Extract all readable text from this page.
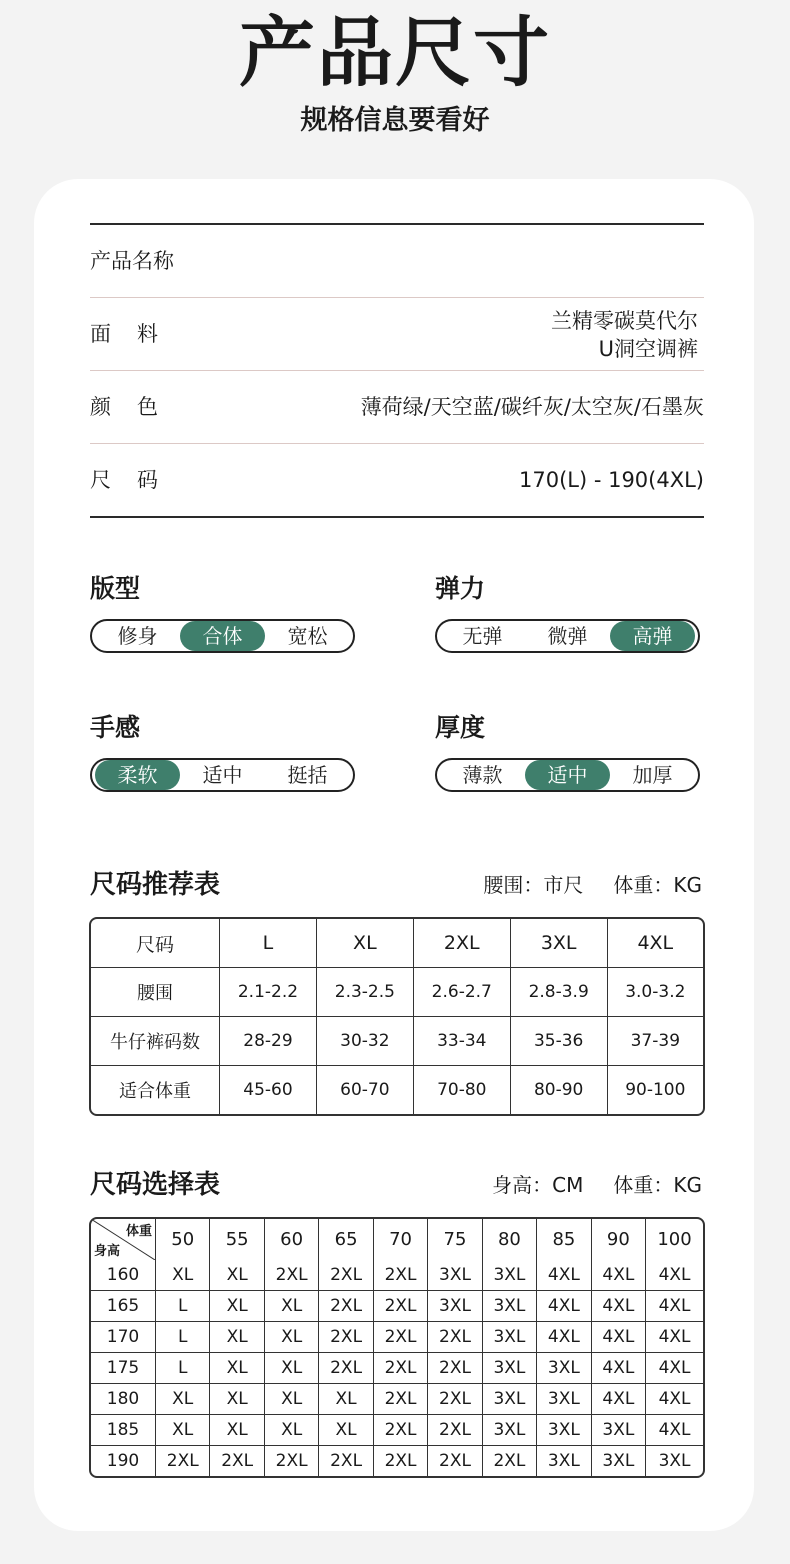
产品尺寸
规格信息要看好
产品名称
面料
兰精零碳莫代尔
U洞空调裤
颜色	薄荷绿/天空蓝/碳纤灰/太空灰/石墨灰
尺码	170(L) - 190(4XL)
版型
修身	合体	宽松
弹力
无弹	微弹	高弹
手感
柔软	适中	挺括
厚度
薄款	适中	加厚
尺码推荐表	腰围：市尺 体重：KG
尺码	L	XL	2XL	3XL	4XL
腰围	2.1-2.2	2.3-2.5	2.6-2.7	2.8-3.9	3.0-3.2
牛仔裤码数	28-29	30-32	33-34	35-36	37-39
适合体重	45-60	60-70	70-80	80-90	90-100
尺码选择表	身高：CM 体重：KG
体重
身高	50	55	60	65	70	75	80	85	90	100
160	XL	XL	2XL	2XL	2XL	3XL	3XL	4XL	4XL	4XL
165	L	XL	XL	2XL	2XL	3XL	3XL	4XL	4XL	4XL
170	L	XL	XL	2XL	2XL	2XL	3XL	4XL	4XL	4XL
175	L	XL	XL	2XL	2XL	2XL	3XL	3XL	4XL	4XL
180	XL	XL	XL	XL	2XL	2XL	3XL	3XL	4XL	4XL
185	XL	XL	XL	XL	2XL	2XL	3XL	3XL	3XL	4XL
190	2XL	2XL	2XL	2XL	2XL	2XL	2XL	3XL	3XL	3XL
